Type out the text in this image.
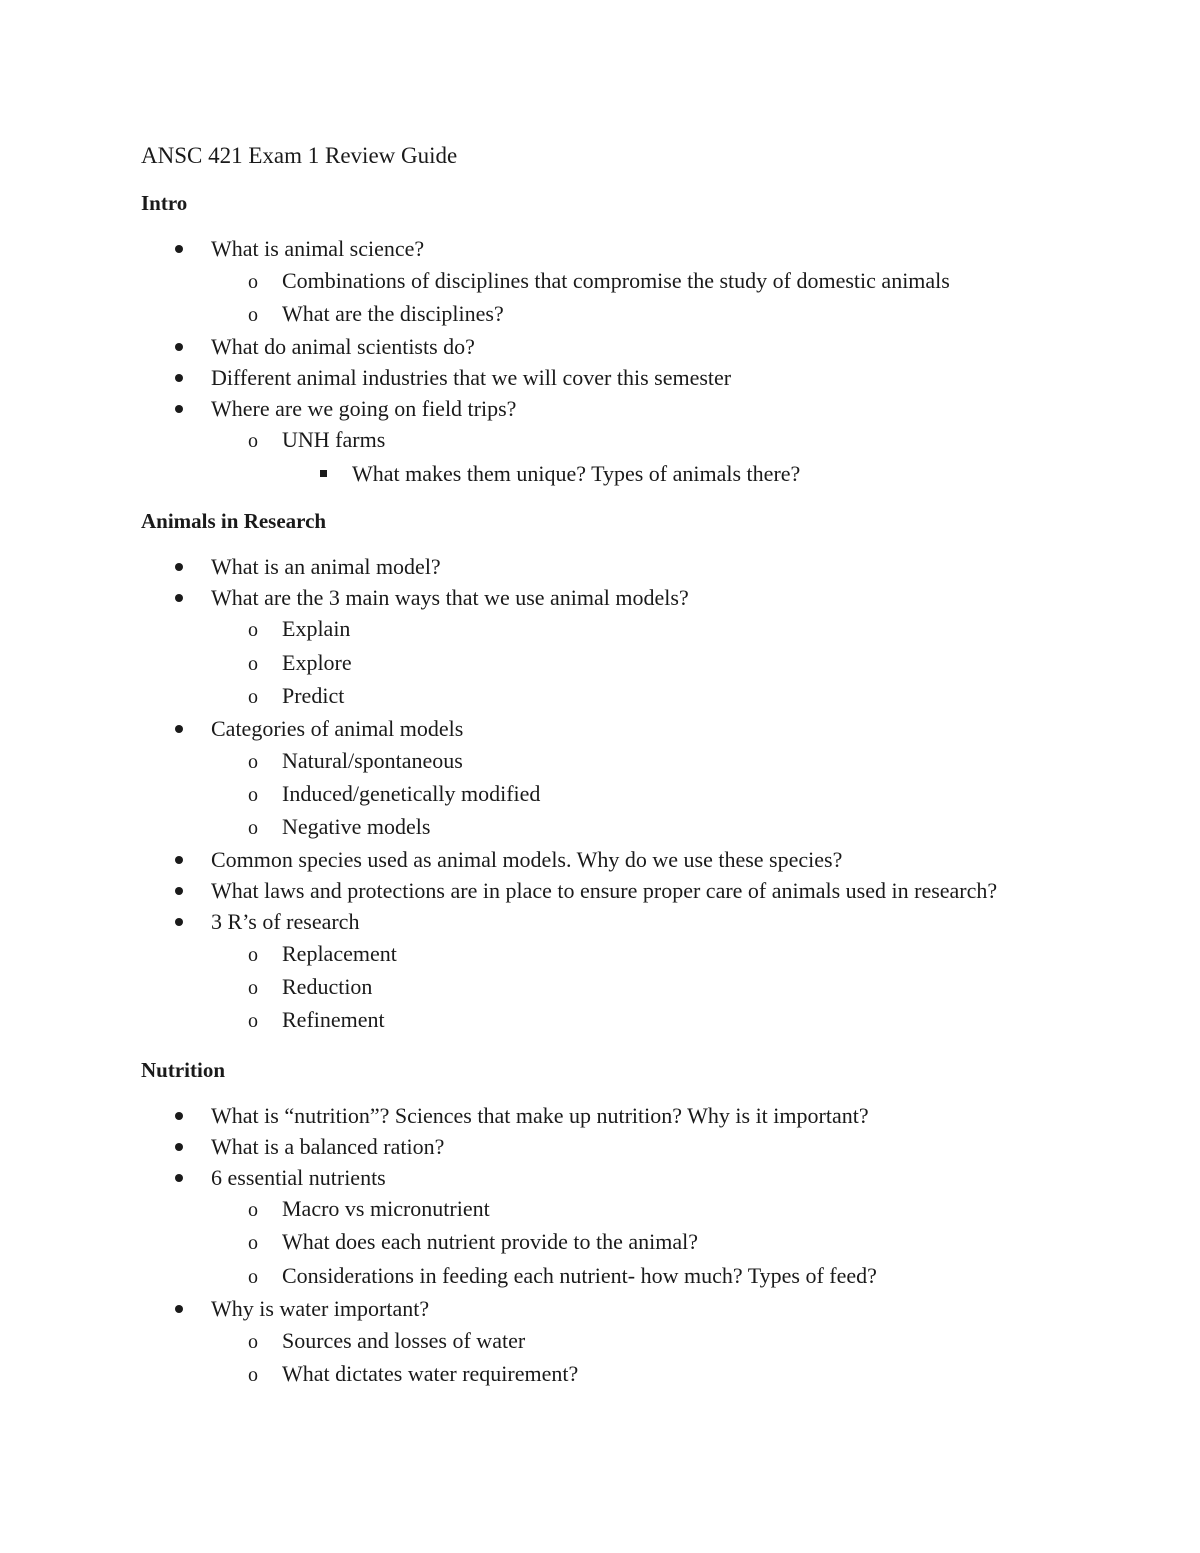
ANSC 421 Exam 1 Review Guide
Intro
What is animal science?
o Combinations of disciplines that compromise the study of domestic animals
o What are the disciplines?
What do animal scientists do?
Different animal industries that we will cover this semester
Where are we going on field trips?
o UNH farms
What makes them unique? Types of animals there?
Animals in Research
What is an animal model?
What are the 3 main ways that we use animal models?
o Explain
o Explore
o Predict
Categories of animal models
o Natural/spontaneous
o Induced/genetically modified
o Negative models
Common species used as animal models. Why do we use these species?
What laws and protections are in place to ensure proper care of animals used in research?
3 R’s of research
o Replacement
o Reduction
o Refinement
Nutrition
What is “nutrition”? Sciences that make up nutrition? Why is it important?
What is a balanced ration?
6 essential nutrients
o Macro vs micronutrient
o What does each nutrient provide to the animal?
o Considerations in feeding each nutrient- how much? Types of feed?
Why is water important?
o Sources and losses of water
o What dictates water requirement?
